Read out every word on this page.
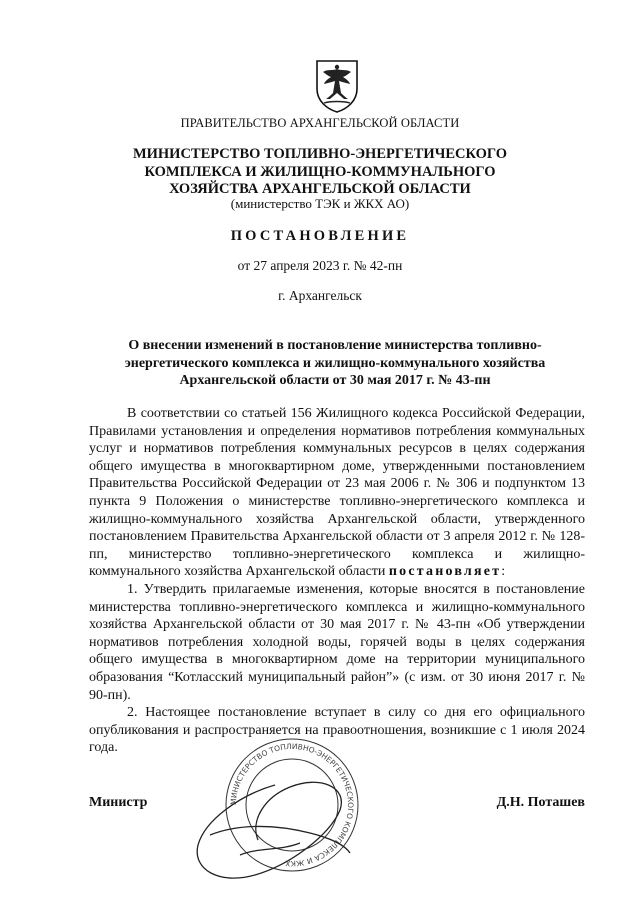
ПРАВИТЕЛЬСТВО АРХАНГЕЛЬСКОЙ ОБЛАСТИ
МИНИСТЕРСТВО ТОПЛИВНО-ЭНЕРГЕТИЧЕСКОГО
КОМПЛЕКСА И ЖИЛИЩНО-КОММУНАЛЬНОГО
ХОЗЯЙСТВА АРХАНГЕЛЬСКОЙ ОБЛАСТИ
(министерство ТЭК и ЖКХ АО)
ПОСТАНОВЛЕНИЕ
от 27 апреля 2023 г. № 42-пн
г. Архангельск
О внесении изменений в постановление министерства топливно-
энергетического комплекса и жилищно-коммунального хозяйства
Архангельской области от 30 мая 2017 г. № 43-пн

В соответствии со статьей 156 Жилищного кодекса Российской Федерации, Правилами установления и определения нормативов потребления коммунальных услуг и нормативов потребления коммунальных ресурсов в целях содержания общего имущества в многоквартирном доме, утвержденными постановлением Правительства Российской Федерации от 23 мая 2006 г. № 306 и подпунктом 13 пункта 9 Положения о министерстве топливно-энергетического комплекса и жилищно-коммунального хозяйства Архангельской области, утвержденного постановлением Правительства Архангельской области от 3 апреля 2012 г. № 128-пп, министерство топливно-энергетического комплекса и жилищно-коммунального хозяйства Архангельской области постановляет:

1. Утвердить прилагаемые изменения, которые вносятся в постановление министерства топливно-энергетического комплекса и жилищно-коммунального хозяйства Архангельской области от 30 мая 2017 г. № 43-пн «Об утверждении нормативов потребления холодной воды, горячей воды в целях содержания общего имущества в многоквартирном доме на территории муниципального образования “Котласский муниципальный район”» (с изм. от 30 июня 2017 г. № 90-пн).

2. Настоящее постановление вступает в силу со дня его официального опубликования и распространяется на правоотношения, возникшие с 1 июля 2024 года.

МИНИСТЕРСТВО ТОПЛИВНО-ЭНЕРГЕТИЧЕСКОГО КОМПЛЕКСА И ЖКХ
Министр	Д.Н. Поташев
